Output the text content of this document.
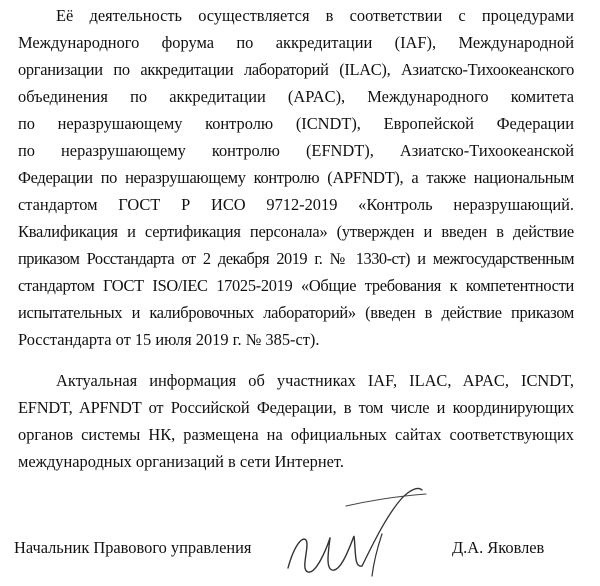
Её деятельность осуществляется в соответствии с процедурами
Международного форума по аккредитации (IAF), Международной
организации по аккредитации лабораторий (ILAC), Азиатско-Тихоокеанского
объединения по аккредитации (APAC), Международного комитета
по неразрушающему контролю (ICNDT), Европейской Федерации
по неразрушающему контролю (EFNDT), Азиатско-Тихоокеанской
Федерации по неразрушающему контролю (APFNDT), а также национальным
стандартом ГОСТ Р ИСО 9712-2019 «Контроль неразрушающий.
Квалификация и сертификация персонала» (утвержден и введен в действие
приказом Росстандарта от 2 декабря 2019 г. № 1330-ст) и межгосударственным
стандартом ГОСТ ISO/IEC 17025-2019 «Общие требования к компетентности
испытательных и калибровочных лабораторий» (введен в действие приказом
Росстандарта от 15 июля 2019 г. № 385-ст).
Актуальная информация об участниках IAF, ILAC, APAC, ICNDT,
EFNDT, APFNDT от Российской Федерации, в том числе и координирующих
органов системы НК, размещена на официальных сайтах соответствующих
международных организаций в сети Интернет.
Начальник Правового управления	Д.А. Яковлев
